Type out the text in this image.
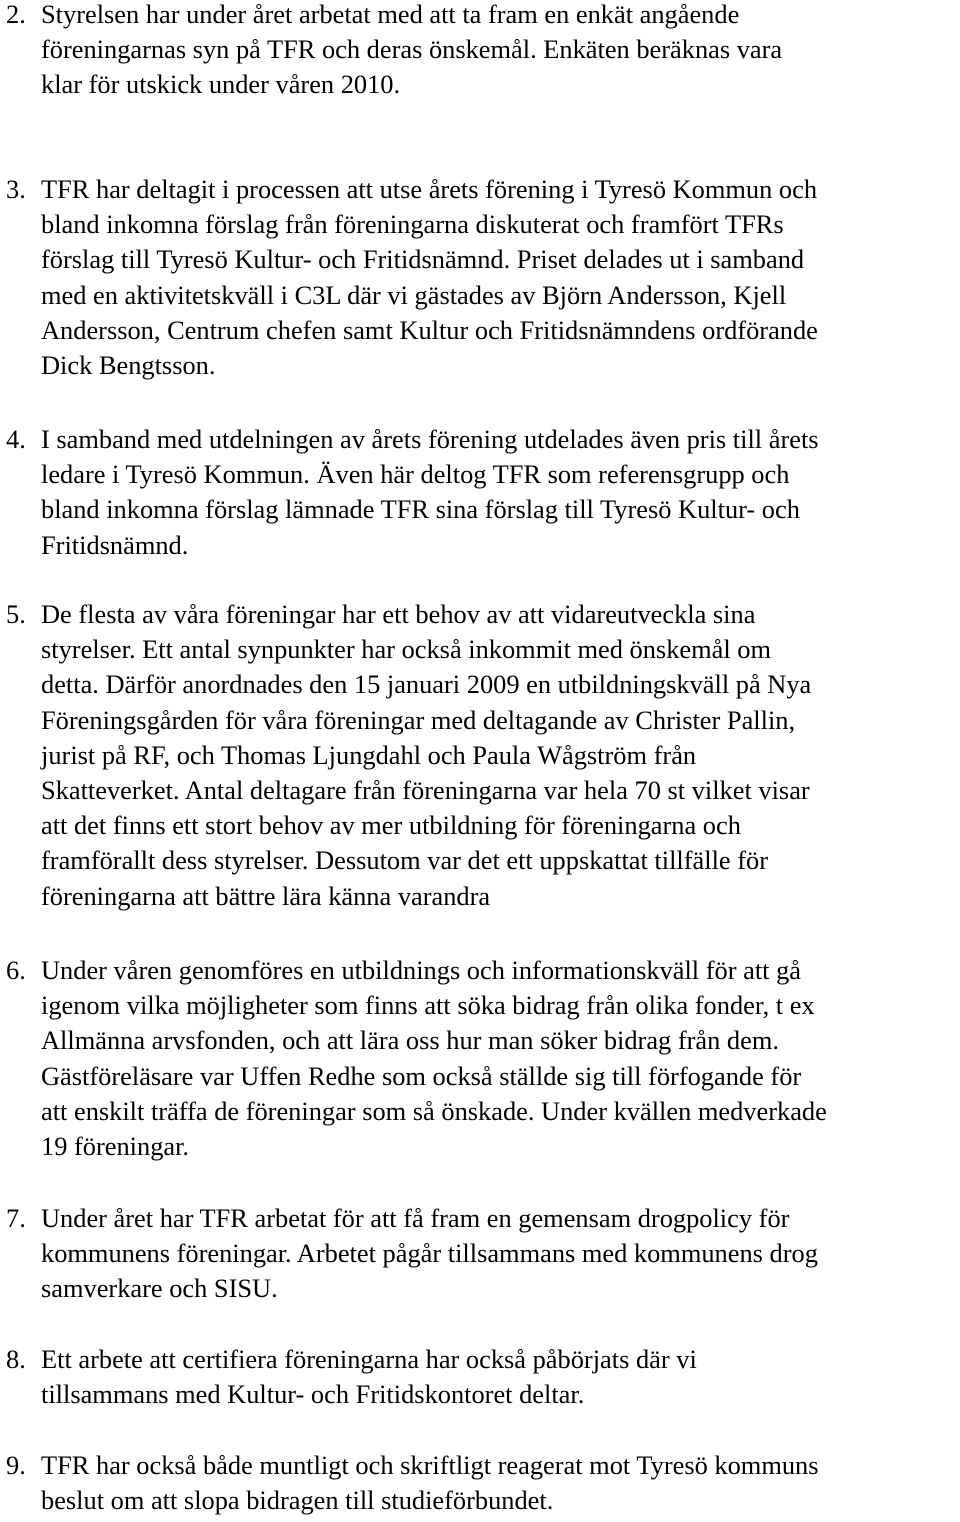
2. Styrelsen har under året arbetat med att ta fram en enkät angående
föreningarnas syn på TFR och deras önskemål. Enkäten beräknas vara
klar för utskick under våren 2010.
3. TFR har deltagit i processen att utse årets förening i Tyresö Kommun och
bland inkomna förslag från föreningarna diskuterat och framfört TFRs
förslag till Tyresö Kultur- och Fritidsnämnd. Priset delades ut i samband
med en aktivitetskväll i C3L där vi gästades av Björn Andersson, Kjell
Andersson, Centrum chefen samt Kultur och Fritidsnämndens ordförande
Dick Bengtsson.
4. I samband med utdelningen av årets förening utdelades även pris till årets
ledare i Tyresö Kommun. Även här deltog TFR som referensgrupp och
bland inkomna förslag lämnade TFR sina förslag till Tyresö Kultur- och
Fritidsnämnd.
5. De flesta av våra föreningar har ett behov av att vidareutveckla sina
styrelser. Ett antal synpunkter har också inkommit med önskemål om
detta. Därför anordnades den 15 januari 2009 en utbildningskväll på Nya
Föreningsgården för våra föreningar med deltagande av Christer Pallin,
jurist på RF, och Thomas Ljungdahl och Paula Wågström från
Skatteverket. Antal deltagare från föreningarna var hela 70 st vilket visar
att det finns ett stort behov av mer utbildning för föreningarna och
framförallt dess styrelser. Dessutom var det ett uppskattat tillfälle för
föreningarna att bättre lära känna varandra
6. Under våren genomföres en utbildnings och informationskväll för att gå
igenom vilka möjligheter som finns att söka bidrag från olika fonder, t ex
Allmänna arvsfonden, och att lära oss hur man söker bidrag från dem.
Gästföreläsare var Uffen Redhe som också ställde sig till förfogande för
att enskilt träffa de föreningar som så önskade. Under kvällen medverkade
19 föreningar.
7. Under året har TFR arbetat för att få fram en gemensam drogpolicy för
kommunens föreningar. Arbetet pågår tillsammans med kommunens drog
samverkare och SISU.
8. Ett arbete att certifiera föreningarna har också påbörjats där vi
tillsammans med Kultur- och Fritidskontoret deltar.
9. TFR har också både muntligt och skriftligt reagerat mot Tyresö kommuns
beslut om att slopa bidragen till studieförbundet.
